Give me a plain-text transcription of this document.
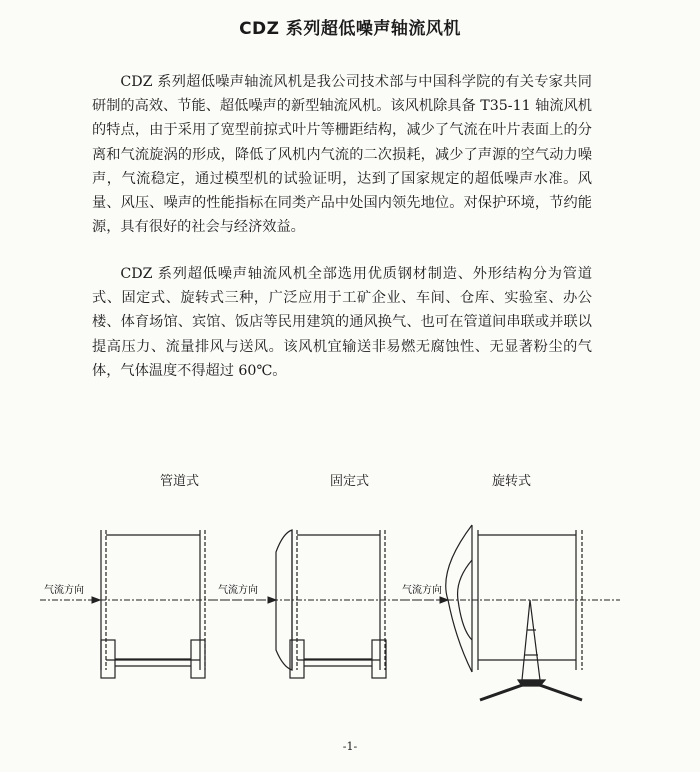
CDZ 系列超低噪声轴流风机

CDZ 系列超低噪声轴流风机是我公司技术部与中国科学院的有关专家共同研制的高效、节能、超低噪声的新型轴流风机。该风机除具备 T35-11 轴流风机的特点，由于采用了宽型前掠式叶片等栅距结构，减少了气流在叶片表面上的分离和气流旋涡的形成，降低了风机内气流的二次损耗，减少了声源的空气动力噪声，气流稳定，通过模型机的试验证明，达到了国家规定的超低噪声水准。风量、风压、噪声的性能指标在同类产品中处国内领先地位。对保护环境，节约能源，具有很好的社会与经济效益。

CDZ 系列超低噪声轴流风机全部选用优质钢材制造、外形结构分为管道式、固定式、旋转式三种，广泛应用于工矿企业、车间、仓库、实验室、办公楼、体育场馆、宾馆、饭店等民用建筑的通风换气、也可在管道间串联或并联以提高压力、流量排风与送风。该风机宜输送非易燃无腐蚀性、无显著粉尘的气体，气体温度不得超过 60℃。

管道式	固定式	旋转式
气流方向	气流方向	气流方向
-1-
